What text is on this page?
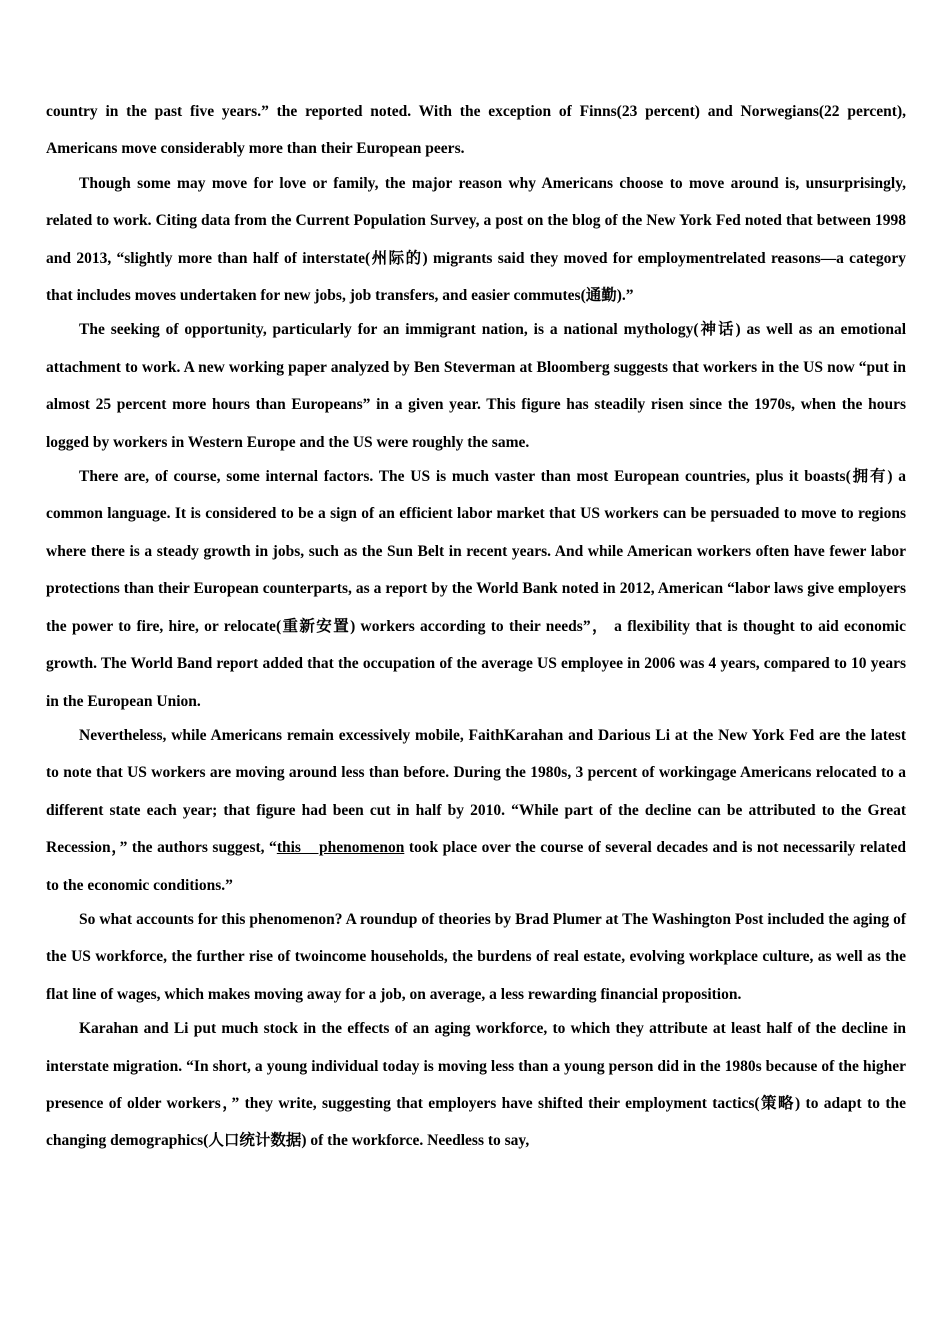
country in the past five years.” the reported noted. With the exception of Finns(23 percent) and Norwegians(22 percent), Americans move considerably more than their European peers.

Though some may move for love or family, the major reason why Americans choose to move around is, unsurprisingly, related to work. Citing data from the Current Population Survey, a post on the blog of the New York Fed noted that between 1998 and 2013, “slightly more than half of interstate(州际的) migrants said they moved for employmentrelated reasons—a category that includes moves undertaken for new jobs, job transfers, and easier commutes(通勤).”

The seeking of opportunity, particularly for an immigrant nation, is a national mythology(神话) as well as an emotional attachment to work. A new working paper analyzed by Ben Steverman at Bloomberg suggests that workers in the US now “put in almost 25 percent more hours than Europeans” in a given year. This figure has steadily risen since the 1970s, when the hours logged by workers in Western Europe and the US were roughly the same.

There are, of course, some internal factors. The US is much vaster than most European countries, plus it boasts(拥有) a common language. It is considered to be a sign of an efficient labor market that US workers can be persuaded to move to regions where there is a steady growth in jobs, such as the Sun Belt in recent years. And while American workers often have fewer labor protections than their European counterparts, as a report by the World Bank noted in 2012, American “labor laws give employers the power to fire, hire, or relocate(重新安置) workers according to their needs”， a flexibility that is thought to aid economic growth. The World Band report added that the occupation of the average US employee in 2006 was 4 years, compared to 10 years in the European Union.

Nevertheless, while Americans remain excessively mobile, FaithKarahan and Darious Li at the New York Fed are the latest to note that US workers are moving around less than before. During the 1980s, 3 percent of workingage Americans relocated to a different state each year; that figure had been cut in half by 2010. “While part of the decline can be attributed to the Great Recession，” the authors suggest, “this    phenomenon took place over the course of several decades and is not necessarily related to the economic conditions.”

So what accounts for this phenomenon? A roundup of theories by Brad Plumer at The Washington Post included the aging of the US workforce, the further rise of twoincome households, the burdens of real estate, evolving workplace culture, as well as the flat line of wages, which makes moving away for a job, on average, a less rewarding financial proposition.

Karahan and Li put much stock in the effects of an aging workforce, to which they attribute at least half of the decline in interstate migration. “In short, a young individual today is moving less than a young person did in the 1980s because of the higher presence of older workers，” they write, suggesting that employers have shifted their employment tactics(策略) to adapt to the changing demographics(人口统计数据) of the workforce. Needless to say,
